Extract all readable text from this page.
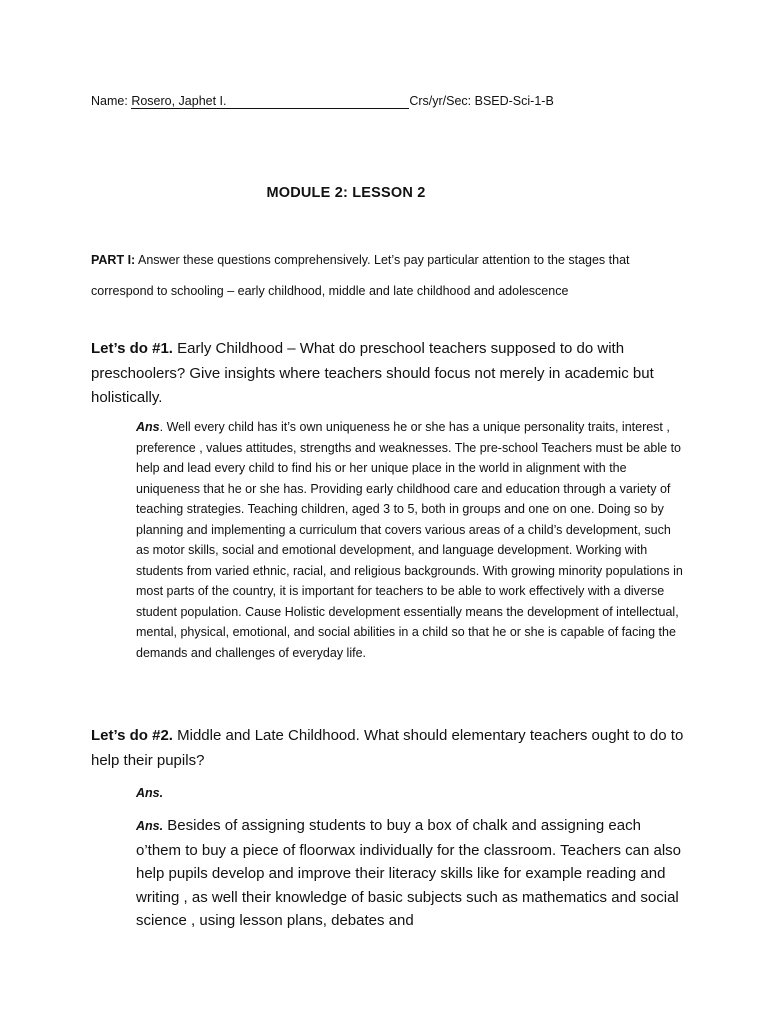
Name: Rosero, Japhet I.	Crs/yr/Sec: BSED-Sci-1-B
MODULE 2: LESSON 2
PART I: Answer these questions comprehensively. Let’s pay particular attention to the stages that correspond to schooling – early childhood, middle and late childhood and adolescence
Let’s do #1. Early Childhood – What do preschool teachers supposed to do with preschoolers? Give insights where teachers should focus not merely in academic but holistically.
Ans. Well every child has it’s own uniqueness he or she has a unique personality traits, interest , preference , values attitudes, strengths and weaknesses. The pre-school Teachers must be able to help and lead every child to find his or her unique place in the world in alignment with the uniqueness that he or she has. Providing early childhood care and education through a variety of teaching strategies. Teaching children, aged 3 to 5, both in groups and one on one. Doing so by planning and implementing a curriculum that covers various areas of a child’s development, such as motor skills, social and emotional development, and language development. Working with students from varied ethnic, racial, and religious backgrounds. With growing minority populations in most parts of the country, it is important for teachers to be able to work effectively with a diverse student population. Cause Holistic development essentially means the development of intellectual, mental, physical, emotional, and social abilities in a child so that he or she is capable of facing the demands and challenges of everyday life.
Let’s do #2. Middle and Late Childhood. What should elementary teachers ought to do to help their pupils?
Ans.
Ans. Besides of assigning students to buy a box of chalk and assigning each o’them to buy a piece of floorwax individually for the classroom. Teachers can also help pupils develop and improve their literacy skills like for example reading and writing , as well their knowledge of basic subjects such as mathematics and social science , using lesson plans, debates and
